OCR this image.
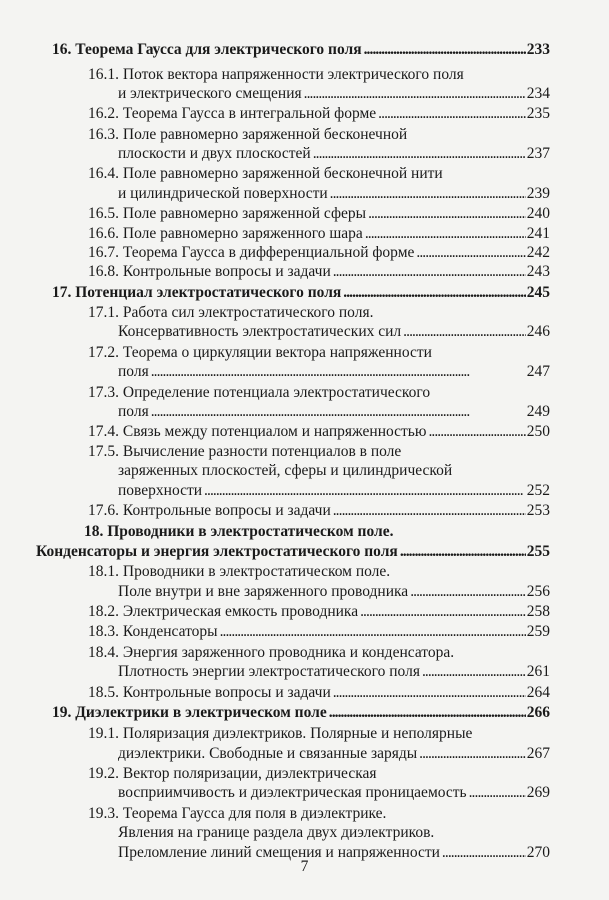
16. Теорема Гаусса для электрического поля . . .	233
16.1. Поток вектора напряженности электрического поля
и электрического смещения . . .	234
16.2. Теорема Гаусса в интегральной форме . . .	235
16.3. Поле равномерно заряженной бесконечной
плоскости и двух плоскостей . . .	237
16.4. Поле равномерно заряженной бесконечной нити
и цилиндрической поверхности . . .	239
16.5. Поле равномерно заряженной сферы . . .	240
16.6. Поле равномерно заряженного шара . . .	241
16.7. Теорема Гаусса в дифференциальной форме . . .	242
16.8. Контрольные вопросы и задачи . . .	243
17. Потенциал электростатического поля . . .	245
17.1. Работа сил электростатического поля.
Консервативность электростатических сил . . .	246
17.2. Теорема о циркуляции вектора напряженности
поля . . .	247
17.3. Определение потенциала электростатического
поля . . .	249
17.4. Связь между потенциалом и напряженностью . . .	250
17.5. Вычисление разности потенциалов в поле
заряженных плоскостей, сферы и цилиндрической
поверхности . . .	252
17.6. Контрольные вопросы и задачи . . .	253
18. Проводники в электростатическом поле.
Конденсаторы и энергия электростатического поля . . .	255
18.1. Проводники в электростатическом поле.
Поле внутри и вне заряженного проводника . . .	256
18.2. Электрическая емкость проводника . . .	258
18.3. Конденсаторы . . .	259
18.4. Энергия заряженного проводника и конденсатора.
Плотность энергии электростатического поля . . .	261
18.5. Контрольные вопросы и задачи . . .	264
19. Диэлектрики в электрическом поле . . .	266
19.1. Поляризация диэлектриков. Полярные и неполярные
диэлектрики. Свободные и связанные заряды . . .	267
19.2. Вектор поляризации, диэлектрическая
восприимчивость и диэлектрическая проницаемость . . .	269
19.3. Теорема Гаусса для поля в диэлектрике.
Явления на границе раздела двух диэлектриков.
Преломление линий смещения и напряженности . . .	270
7
